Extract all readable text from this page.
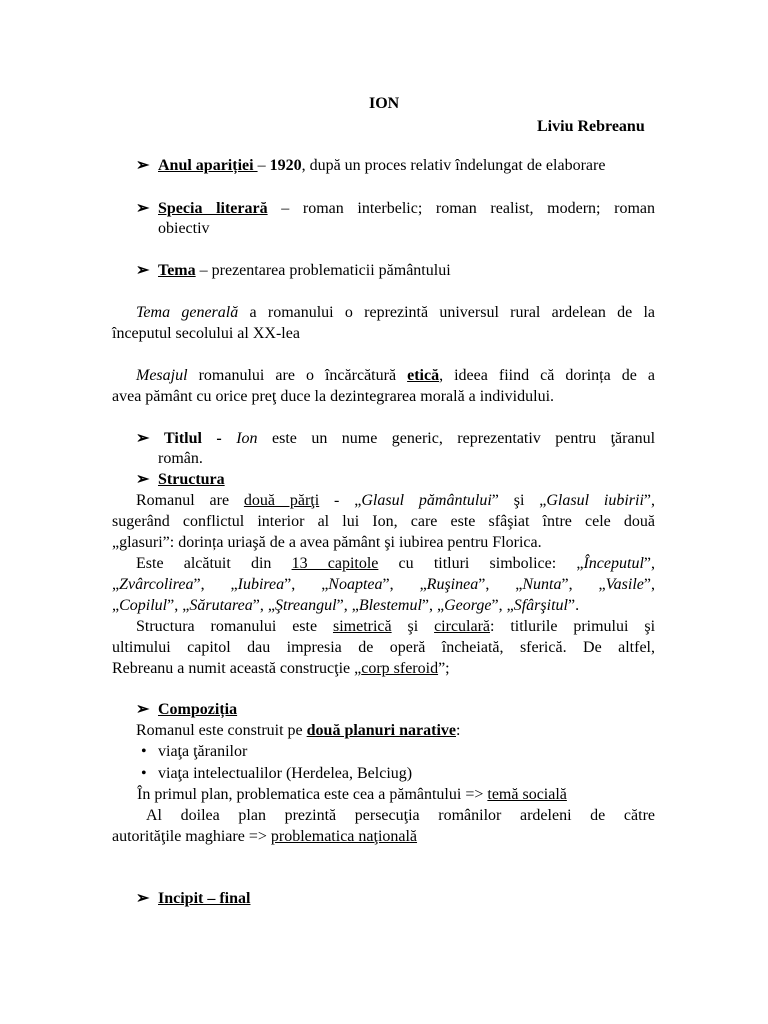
ION
Liviu Rebreanu
➢ Anul apariției – 1920, după un proces relativ îndelungat de elaborare
➢ Specia literară – roman interbelic; roman realist, modern; roman
obiectiv
➢ Tema – prezentarea problematicii pământului
Tema generală a romanului o reprezintă universul rural ardelean de la
începutul secolului al XX-lea
Mesajul romanului are o încărcătură etică, ideea fiind că dorința de a
avea pământ cu orice preţ duce la dezintegrarea morală a individului.
➢ Titlul - Ion este un nume generic, reprezentativ pentru ţăranul
român.
➢ Structura
Romanul are două părţi - „Glasul pământului” şi „Glasul iubirii”,
sugerând conflictul interior al lui Ion, care este sfâşiat între cele două
„glasuri”: dorința uriaşă de a avea pământ şi iubirea pentru Florica.
Este alcătuit din 13 capitole cu titluri simbolice: „Începutul”,
„Zvârcolirea”, „Iubirea”, „Noaptea”, „Ruşinea”, „Nunta”, „Vasile”,
„Copilul”, „Sărutarea”, „Ştreangul”, „Blestemul”, „George”, „Sfârşitul”.
Structura romanului este simetrică şi circulară: titlurile primului şi
ultimului capitol dau impresia de operă încheiată, sferică. De altfel,
Rebreanu a numit această construcţie „corp sferoid”;
➢ Compoziția
Romanul este construit pe două planuri narative:
• viaţa ţăranilor
• viaţa intelectualilor (Herdelea, Belciug)
În primul plan, problematica este cea a pământului => temă socială
Al doilea plan prezintă persecuţia românilor ardeleni de către
autorităţile maghiare => problematica naţională
➢ Incipit – final
